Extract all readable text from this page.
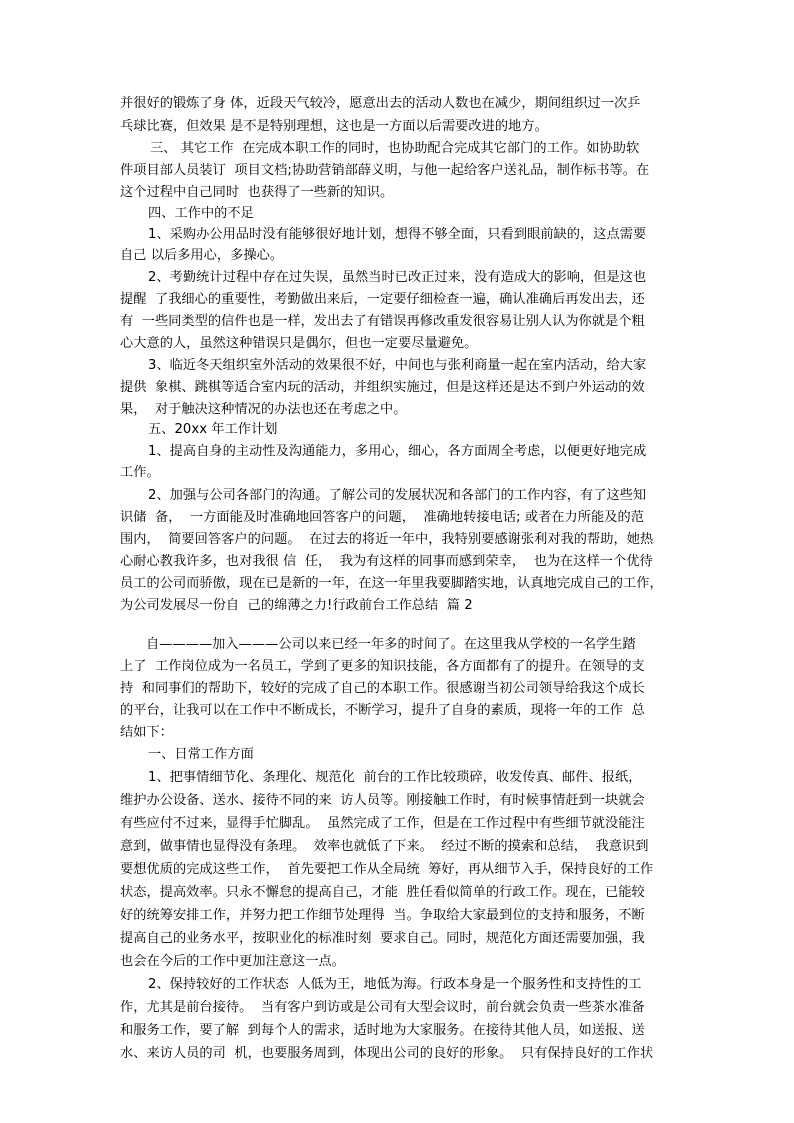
并很好的锻炼了身 体，近段天气较冷，愿意出去的活动人数也在减少，期间组织过一次乒
乓球比赛，但效果 是不是特别理想，这也是一方面以后需要改进的地方。
三、 其它工作  在完成本职工作的同时，也协助配合完成其它部门的工作。如协助软
件项目部人员装订  项目文档;协助营销部薛义明，与他一起给客户送礼品，制作标书等。在
这个过程中自己同时  也获得了一些新的知识。
四、工作中的不足
1、采购办公用品时没有能够很好地计划，想得不够全面，只看到眼前缺的，这点需要
自己 以后多用心，多操心。
2、考勤统计过程中存在过失误，虽然当时已改正过来，没有造成大的影响，但是这也
提醒  了我细心的重要性，考勤做出来后，一定要仔细检查一遍，确认准确后再发出去，还
有  一些同类型的信件也是一样，发出去了有错误再修改重发很容易让别人认为你就是个粗
心大意的人，虽然这种错误只是偶尔，但也一定要尽量避免。
3、临近冬天组织室外活动的效果很不好，中间也与张利商量一起在室内活动，给大家
提供  象棋、跳棋等适合室内玩的活动，并组织实施过，但是这样还是达不到户外运动的效
果，  对于触决这种情况的办法也还在考虑之中。
五、20xx 年工作计划
1、提高自身的主动性及沟通能力，多用心，细心，各方面周全考虑，以便更好地完成
工作。
2、加强与公司各部门的沟通。了解公司的发展状况和各部门的工作内容，有了这些知
识储  备，  一方面能及时准确地回答客户的问题，  准确地转接电话; 或者在力所能及的范
围内，  简要回答客户的问题。  在过去的将近一年中，我特别要感谢张利对我的帮助，她热
心耐心教我许多，也对我很 信  任，  我为有这样的同事而感到荣幸，  也为在这样一个优待
员工的公司而骄傲，现在已是新的一年，在这一年里我要脚踏实地，认真地完成自己的工作，
为公司发展尽一份自  己的绵薄之力!行政前台工作总结  篇 2
自————加入———公司以来已经一年多的时间了。在这里我从学校的一名学生踏
上了  工作岗位成为一名员工，学到了更多的知识技能，各方面都有了的提升。在领导的支
持  和同事们的帮助下，较好的完成了自己的本职工作。很感谢当初公司领导给我这个成长
的平台，让我可以在工作中不断成长，不断学习，提升了自身的素质，现将一年的工作  总
结如下：
一、日常工作方面
1、把事情细节化、条理化、规范化  前台的工作比较琐碎，收发传真、邮件、报纸，
维护办公设备、送水、接待不同的来  访人员等。刚接触工作时，有时候事情赶到一块就会
有些应付不过来，显得手忙脚乱。  虽然完成了工作，但是在工作过程中有些细节就没能注
意到，做事情也显得没有条理。  效率也就低了下来。  经过不断的摸索和总结，  我意识到
要想优质的完成这些工作，  首先要把工作从全局统  筹好，再从细节入手，保持良好的工作
状态，提高效率。只永不懈怠的提高自己，才能  胜任看似简单的行政工作。现在，已能较
好的统筹安排工作，并努力把工作细节处理得  当。争取给大家最到位的支持和服务，不断
提高自己的业务水平，按职业化的标准时刻  要求自己。同时，规范化方面还需要加强，我
也会在今后的工作中更加注意这一点。
2、保持较好的工作状态  人低为王，地低为海。行政本身是一个服务性和支持性的工
作，尤其是前台接待。  当有客户到访或是公司有大型会议时，前台就会负责一些茶水准备
和服务工作，要了解  到每个人的需求，适时地为大家服务。在接待其他人员，如送报、送
水、来访人员的司  机，也要服务周到，体现出公司的良好的形象。  只有保持良好的工作状
